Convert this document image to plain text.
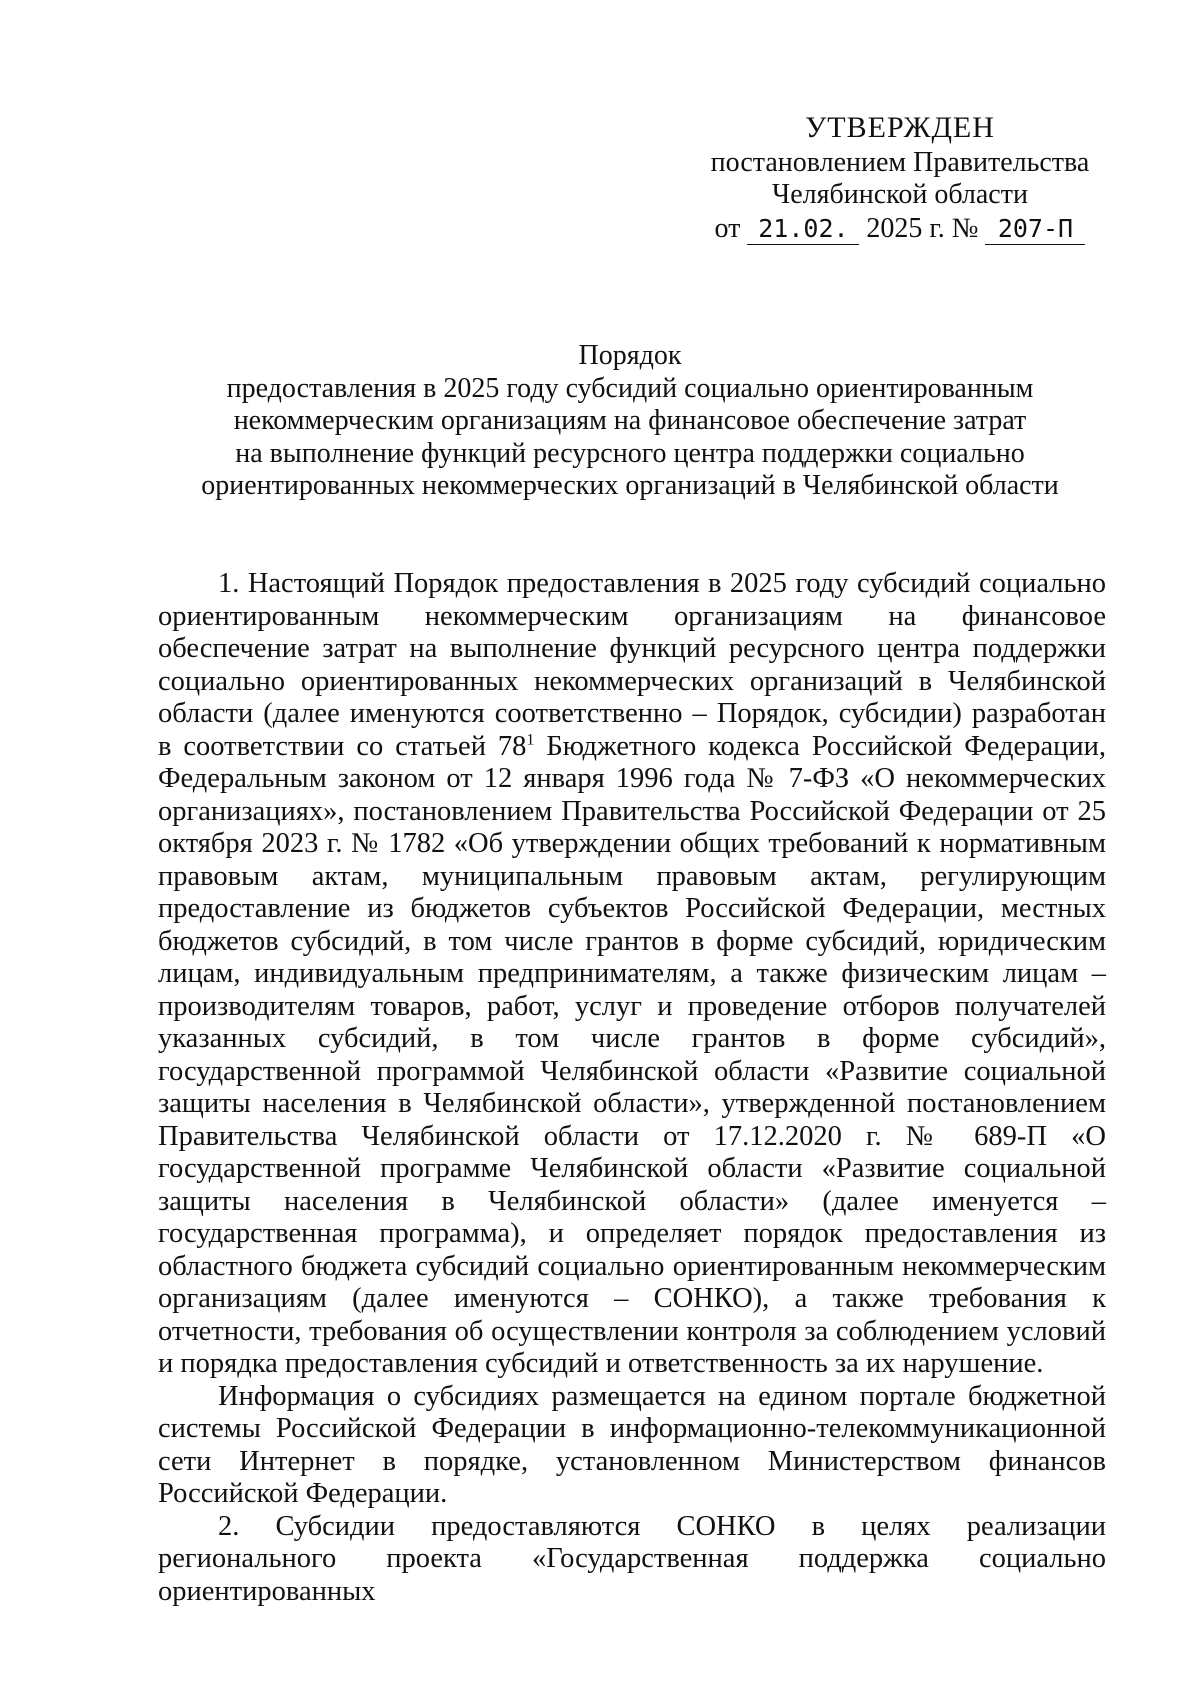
УТВЕРЖДЕН
постановлением Правительства
Челябинской области
от 21.02. 2025 г. № 207-П
Порядок
предоставления в 2025 году субсидий социально ориентированным
некоммерческим организациям на финансовое обеспечение затрат
на выполнение функций ресурсного центра поддержки социально
ориентированных некоммерческих организаций в Челябинской области

1. Настоящий Порядок предоставления в 2025 году субсидий социально ориентированным некоммерческим организациям на финансовое обеспечение затрат на выполнение функций ресурсного центра поддержки социально ориентированных некоммерческих организаций в Челябинской области (далее именуются соответственно – Порядок, субсидии) разработан в соответствии со статьей $78^1$ Бюджетного кодекса Российской Федерации, Федеральным законом от 12 января 1996 года № 7-ФЗ «О некоммерческих организациях», постановлением Правительства Российской Федерации от 25 октября 2023 г. № 1782 «Об утверждении общих требований к нормативным правовым актам, муниципальным правовым актам, регулирующим предоставление из бюджетов субъектов Российской Федерации, местных бюджетов субсидий, в том числе грантов в форме субсидий, юридическим лицам, индивидуальным предпринимателям, а также физическим лицам – производителям товаров, работ, услуг и проведение отборов получателей указанных субсидий, в том числе грантов в форме субсидий», государственной программой Челябинской области «Развитие социальной защиты населения в Челябинской области», утвержденной постановлением Правительства Челябинской области от 17.12.2020 г. № 689-П «О государственной программе Челябинской области «Развитие социальной защиты населения в Челябинской области» (далее именуется – государственная программа), и определяет порядок предоставления из областного бюджета субсидий социально ориентированным некоммерческим организациям (далее именуются – СОНКО), а также требования к отчетности, требования об осуществлении контроля за соблюдением условий и порядка предоставления субсидий и ответственность за их нарушение.

Информация о субсидиях размещается на едином портале бюджетной системы Российской Федерации в информационно-телекоммуникационной сети Интернет в порядке, установленном Министерством финансов Российской Федерации.

2. Субсидии предоставляются СОНКО в целях реализации регионального проекта «Государственная поддержка социально ориентированных
